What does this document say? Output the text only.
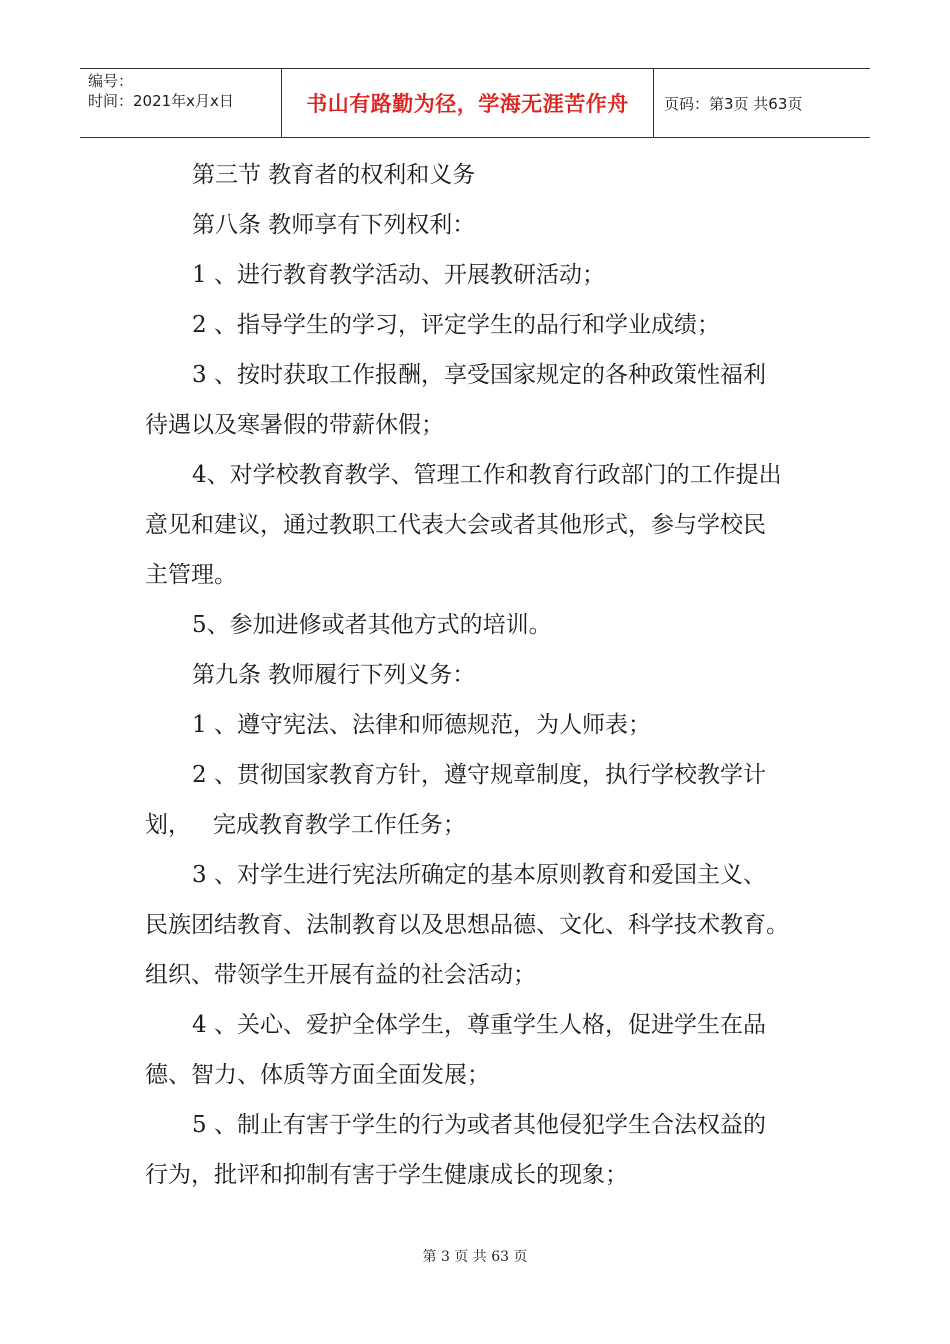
编号：
时间：2021年x月x日	书山有路勤为径，学海无涯苦作舟 页码：第3页 共63页
第三节 教育者的权利和义务
第八条 教师享有下列权利：
1 、进行教育教学活动、开展教研活动；
2 、指导学生的学习，评定学生的品行和学业成绩；
3 、按时获取工作报酬，享受国家规定的各种政策性福利
待遇以及寒暑假的带薪休假；
4、对学校教育教学、管理工作和教育行政部门的工作提出
意见和建议，通过教职工代表大会或者其他形式，参与学校民
主管理。
5、参加进修或者其他方式的培训。
第九条 教师履行下列义务：
1 、遵守宪法、法律和师德规范，为人师表；
2 、贯彻国家教育方针，遵守规章制度，执行学校教学计
划，   完成教育教学工作任务；
3 、对学生进行宪法所确定的基本原则教育和爱国主义、
民族团结教育、法制教育以及思想品德、文化、科学技术教育。
组织、带领学生开展有益的社会活动；
4 、关心、爱护全体学生，尊重学生人格，促进学生在品
德、智力、体质等方面全面发展；
5 、制止有害于学生的行为或者其他侵犯学生合法权益的
行为，批评和抑制有害于学生健康成长的现象；
第 3 页 共 63 页
